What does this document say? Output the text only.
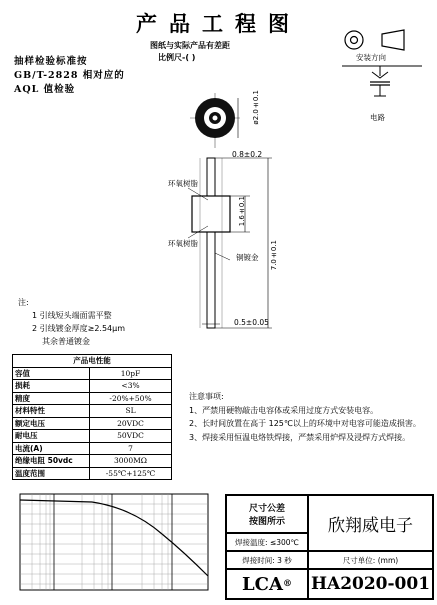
产品工程图
图纸与实际产品有差距
比例尺-( )
抽样检验标准按
GB/T-2828 相对应的
AQL 值检验
安装方向
电路
ø2.0±0.1
0.8±0.2
环氧树脂
环氧树脂
铜镀金
1.6±0.1
7.0±0.1
0.5±0.05
注:
1 引线短头端面需平整
2 引线镀金厚度≥2.54μm
其余普通镀金
产品电性能	
容值	10pF
损耗	<3%
精度	-20%+50%
材料特性	SL
额定电压	20VDC
耐电压	50VDC
电流(A)	7
绝缘电阻 50vdc	3000MΩ
温度范围	-55℃+125℃
注意事项:
1、严禁用硬物敲击电容体或采用过度方式安装电容。
2、长时间放置在高于 125℃以上的环境中对电容可能造成损害。
3、焊接采用恒温电烙铁焊接，严禁采用炉焊及浸焊方式焊接。
尺寸公差
按图所示	欣翔威电子
焊接温度: ≤300℃
焊接时间: 3 秒	尺寸单位: (mm)
LCA ® HA2020-001
